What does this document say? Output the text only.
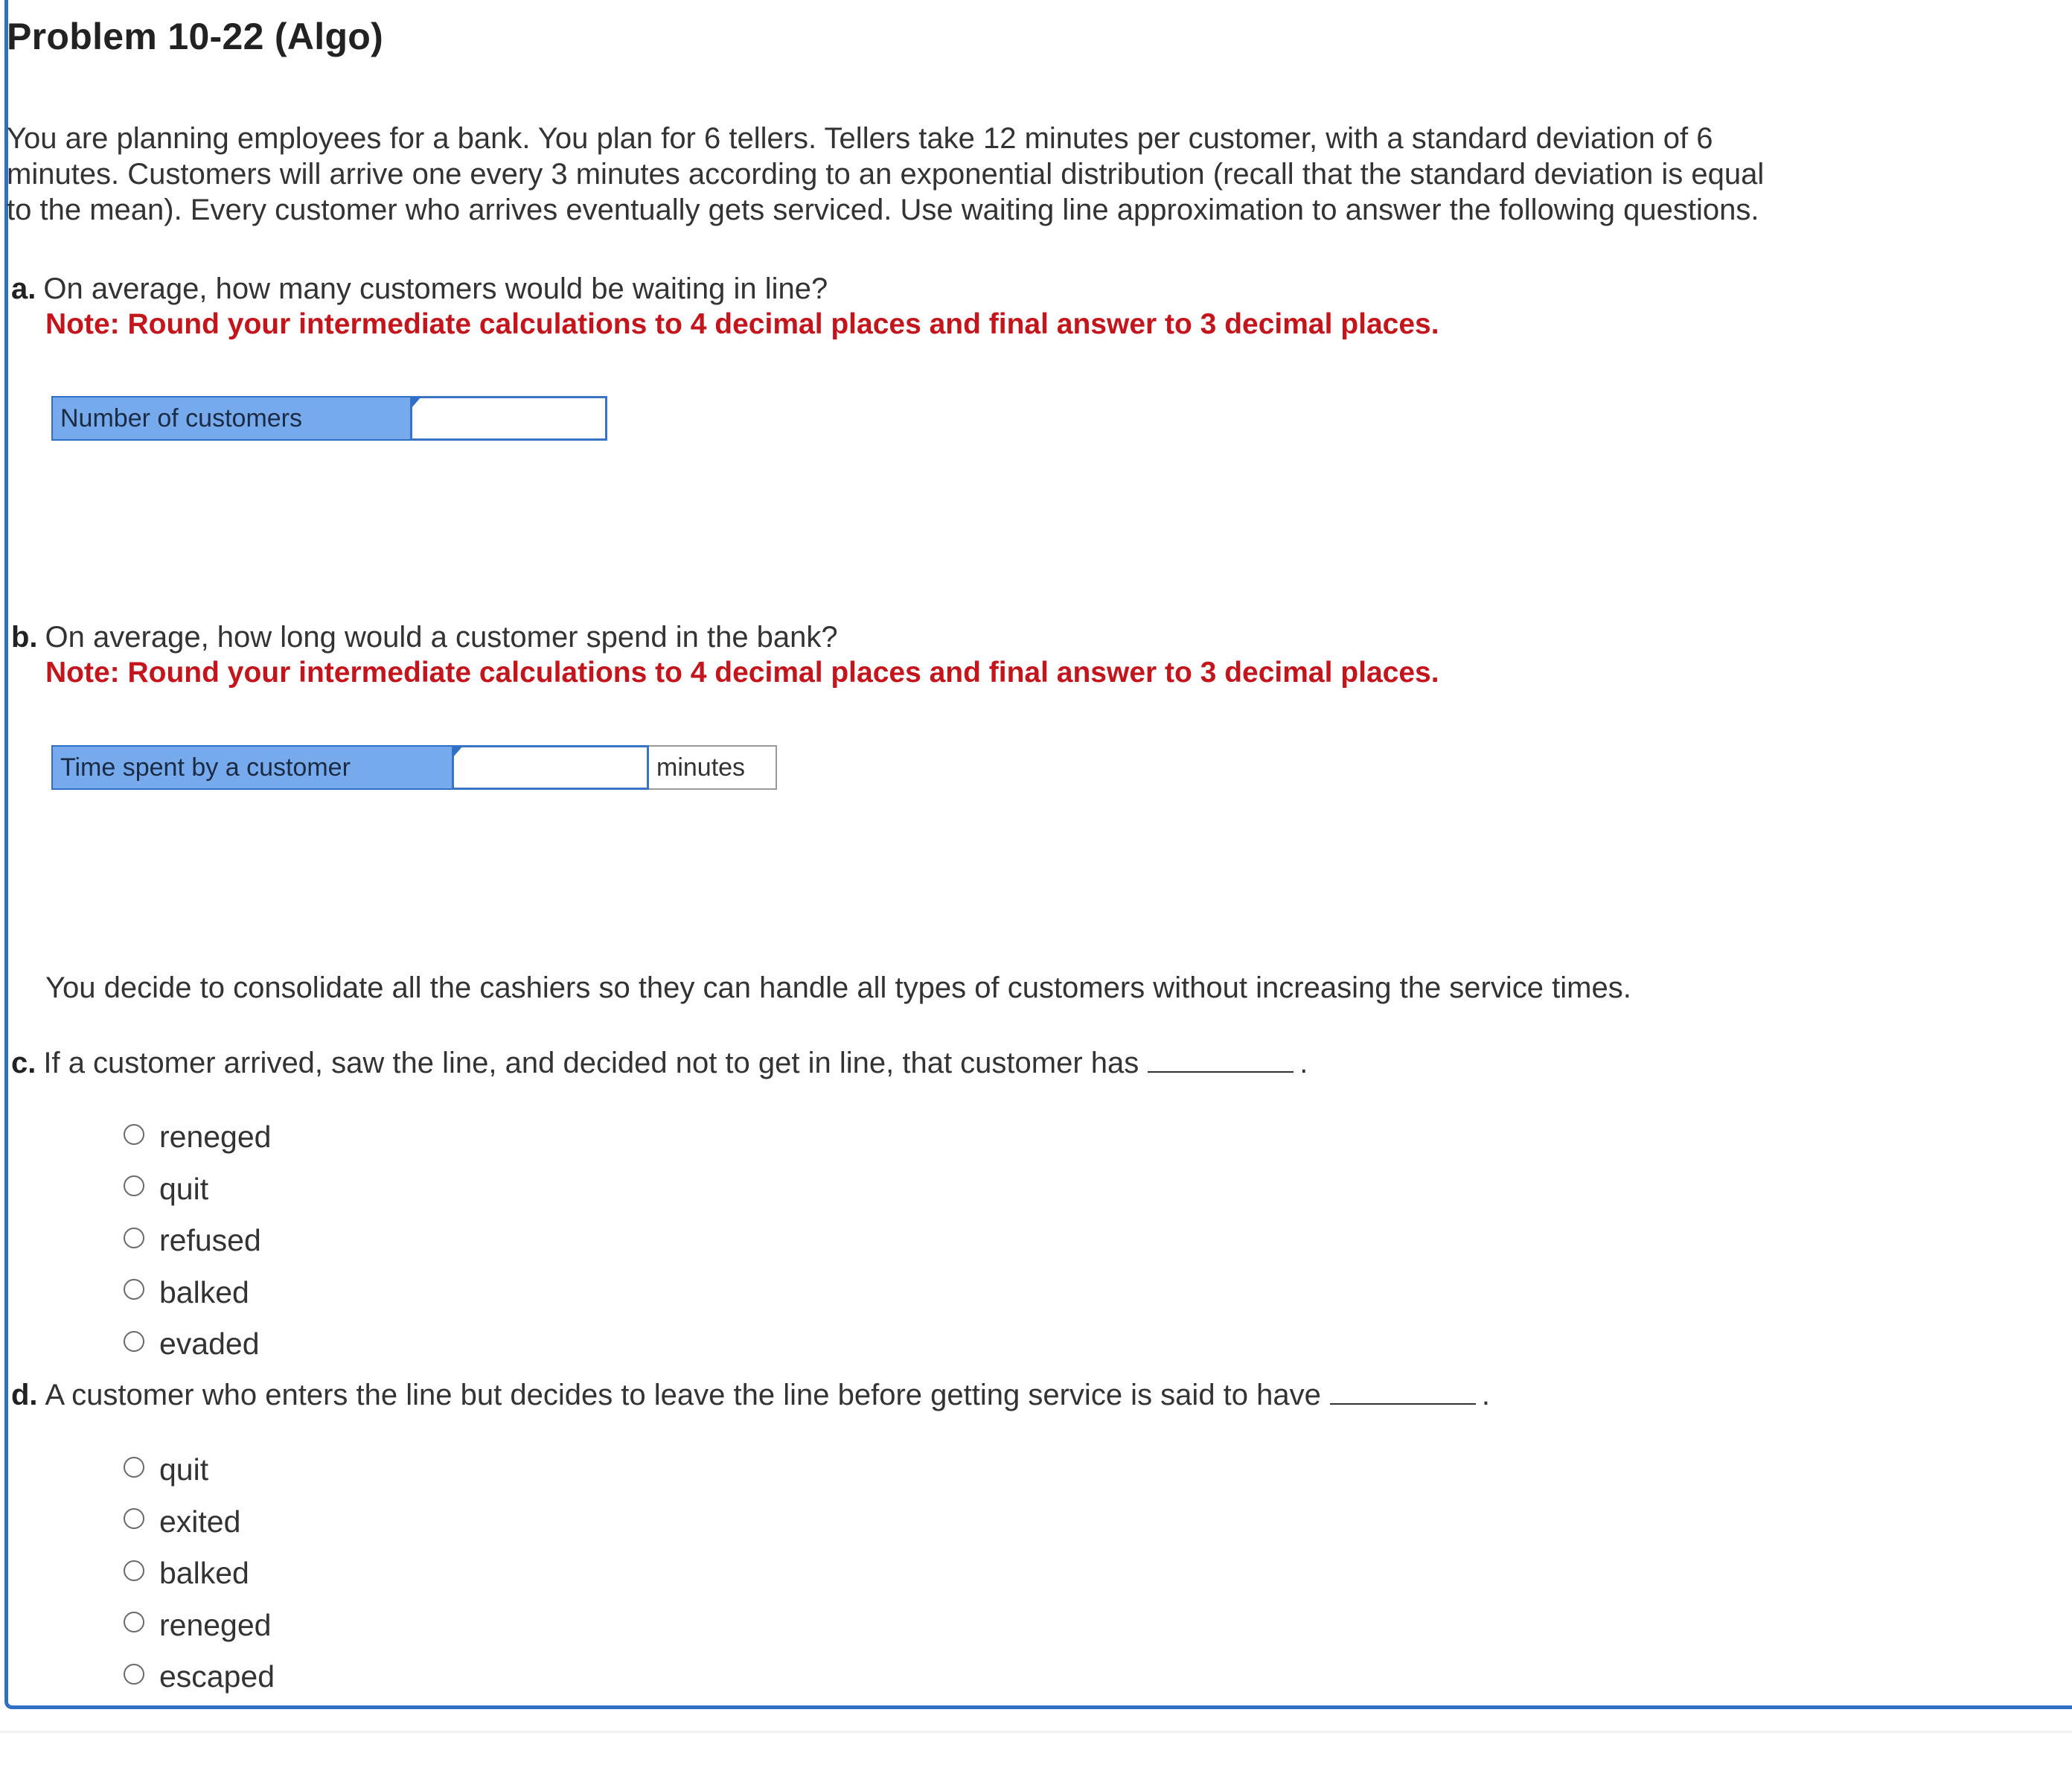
Problem 10-22 (Algo)
You are planning employees for a bank. You plan for 6 tellers. Tellers take 12 minutes per customer, with a standard deviation of 6
minutes. Customers will arrive one every 3 minutes according to an exponential distribution (recall that the standard deviation is equal
to the mean). Every customer who arrives eventually gets serviced. Use waiting line approximation to answer the following questions.
a. On average, how many customers would be waiting in line?
Note: Round your intermediate calculations to 4 decimal places and final answer to 3 decimal places.
Number of customers
b. On average, how long would a customer spend in the bank?
Note: Round your intermediate calculations to 4 decimal places and final answer to 3 decimal places.
Time spent by a customer	minutes
You decide to consolidate all the cashiers so they can handle all types of customers without increasing the service times.
c. If a customer arrived, saw the line, and decided not to get in line, that customer has	.
reneged
quit
refused
balked
evaded
d. A customer who enters the line but decides to leave the line before getting service is said to have	.
quit
exited
balked
reneged
escaped
